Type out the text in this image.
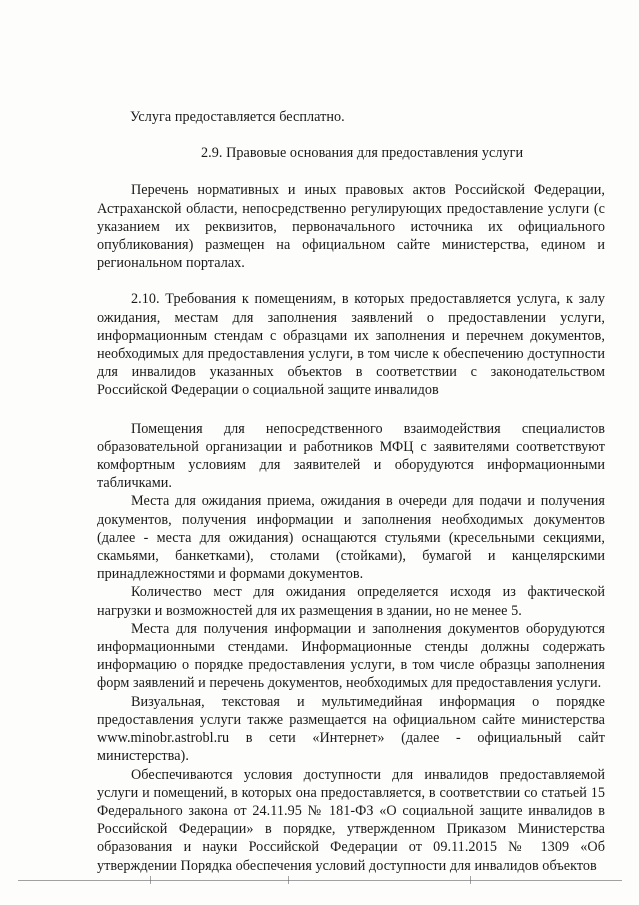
Услуга предоставляется бесплатно.

2.9. Правовые основания для предоставления услуги

Перечень нормативных и иных правовых актов Российской Федерации, Астраханской области, непосредственно регулирующих предоставление услуги (с указанием их реквизитов, первоначального источника их официального опубликования) размещен на официальном сайте министерства, едином и региональном порталах.

2.10. Требования к помещениям, в которых предоставляется услуга, к залу ожидания, местам для заполнения заявлений о предоставлении услуги, информационным стендам с образцами их заполнения и перечнем документов, необходимых для предоставления услуги, в том числе к обеспечению доступности для инвалидов указанных объектов в соответствии с законодательством Российской Федерации о социальной защите инвалидов

Помещения для непосредственного взаимодействия специалистов образовательной организации и работников МФЦ с заявителями соответствуют комфортным условиям для заявителей и оборудуются информационными табличками.

Места для ожидания приема, ожидания в очереди для подачи и получения документов, получения информации и заполнения необходимых документов (далее - места для ожидания) оснащаются стульями (кресельными секциями, скамьями, банкетками), столами (стойками), бумагой и канцелярскими принадлежностями и формами документов.

Количество мест для ожидания определяется исходя из фактической нагрузки и возможностей для их размещения в здании, но не менее 5.

Места для получения информации и заполнения документов оборудуются информационными стендами. Информационные стенды должны содержать информацию о порядке предоставления услуги, в том числе образцы заполнения форм заявлений и перечень документов, необходимых для предоставления услуги.

Визуальная, текстовая и мультимедийная информация о порядке предоставления услуги также размещается на официальном сайте министерства www.minobr.astrobl.ru в сети «Интернет» (далее - официальный сайт министерства).

Обеспечиваются условия доступности для инвалидов предоставляемой услуги и помещений, в которых она предоставляется, в соответствии со статьей 15 Федерального закона от 24.11.95 № 181-ФЗ «О социальной защите инвалидов в Российской Федерации» в порядке, утвержденном Приказом Министерства образования и науки Российской Федерации от 09.11.2015 № 1309 «Об утверждении Порядка обеспечения условий доступности для инвалидов объектов
